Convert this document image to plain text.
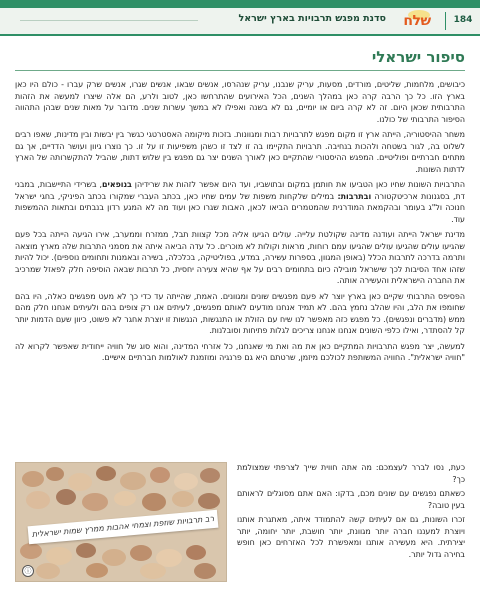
184
שלח
סדנת מפגש תרבויות בארץ ישראל
סיפור ישראלי

כיבושים, מלחמות, שליטים, מורדים, מסעות, עריק שנבנו, עריק שנהרסו, אנשים שבאו, אנשים שגרו, אנשים שרק עברו - כולם היו כאן בארץ הזו. כל כך הרבה קרה כאן במהלך השנים, הכל האירועים שהתרחשו כאן, לטוב ולרע, הם אלה שיצרו למעשה את הזהות התרבותית שכאן היום. זה לא קרה ביום או יומיים, גם לא בשנה ואפילו לא במשך עשרות שנים. מדובר על מאות שנים שבהן התהווה הסיפור התרבותי של כולנו.

משחר ההיסטוריה, הייתה ארץ זו מקום מפגש לתרבויות רבות ומגוונות. בזכות מיקומה האסטרטגי כגשר בין יבשות ובין מדינות, שאפו רבים לשלוט בה, לגור בשטחה ולהכות בנחיבה. תרבויות התקיימו בה זו לצד זו כשהן משפיעות זו על זו. כך נוצרו גיוון ועושר הדדיים, אך גם מתחים חברתיים ופוליטיים. המפגש ההיסטורי שהתקיים כאן לאורך השנים יצר גם מפגש בין שלוש דתות, שהביל להתקשרותה של הארץ לדתות השונות.

התרבויות השונות שחיו כאן הטביעו את חותמן במקום ובתושביו, ועד היום אפשר לזהות את שרידיהן בנופאים, בשרידי התיישבות, במבני דת, בסגנונות ארכיטקטורה ובתרבות: במילים שלקחות משפות של עמים שחיו כאן, בכתב העברי שמקורו בכתב הפיניקי, בחגי ישראל חנוכה ול"ג בעומר ובהקמאת המודרנית שהמטמרים הביאו לכאן, האבות שגרו כאן ועוד מה לא המגע רדון בנבתים ובתאות ההמשפות עוד.

מדינת ישראל הייתה ועודנה מדינה שקולטת עלייה. עולים הגיעו אליה מכל קצוות תבל, ממזרח וממערב, אירו הגיעה הייתה בכל פעם שהגיעו עולים שהגיעו עולים שהגיעו עמם רוחות, מראות וקולות לא מוכרים. כל עדה הביאה איתה את מסמני התרבות שלה מארץ מוצאה ותרמה בדרכה לתרבות הכלל (באופן המגוון, בספרות עשירה, במדע, בפוליטיקה, בכלכלה, בשירה ובאמנות ותחומים נוספים). יכול להיות שזהו אחד הסיבות לכך שישראל מובילה כיום בתחומים רבים על אף שהיא צעירה יחסית, כל תרבות שבאה הוסיפה חלק לפאזל שמרכיב את החברה הישראלית והעשירה אותה.

הפסיפס התרבותי שקיים כאן בארץ יוצר לא פעם מפגשים שונים ומגוונים. האמת, שהייתה עד כדי כך לא מעט מפגשים כאלה, היו בהם שחומפו את הלב, והיו שהלב נחמץ בהם. לא תמיד אנחנו מודעים לאותם מפגשים, לעיתים אנו רק צופים בהם ולעיתים אנחנו חלק מהם ממש (מדברים ונפגשים). כל מפגש כזה מאפשר לנו שיח עם הזולת או התנגשות, הנגשות זו יוצרת אחגר לא פשוט, כיוון שעם הדמות יותר קל להסתדר, ואילו כלפי השונים אנחנו אנחנו צריכים לגלות פתיחות וסובלנות.

למעשה, יצר מפגש התרבויות המתקיים כאן את מה ואת מי שאנחנו, כל אזרחי המדינה, והוא סוג של חוויה ייחודית שאפשר לקרוא לה "חוויה ישראלית". החוויה המשותפת לכולכם מיזמן, שרטתם היא גם פרנגיה ומוזמנת לאולמות חברתיים אישיים.

רב תרבויות שוזפת וצמחי אהבות ממרץ שמות ישראלית
ⓘ

כעת, נסו לברר לעצמכם: מה אתה חווית שייך לצרפתי שמצולמת כך?

כשאתם נפגשים עם שונים מכם, בדקו: האם אתם מסוגלים לראותם בעין טובה?

זכרו השונות, גם אם לעיתים קשה להתמודד איתה, מאתגרת אותנו ויוצרת למעננו חברה יותר מגוונת, יותר חושבת, יותר יחומה, יותר יצירתית. היא מעשירה אותנו ומאפשרת לכל האזרחים כאן חופש בחירה גדול יותר.
